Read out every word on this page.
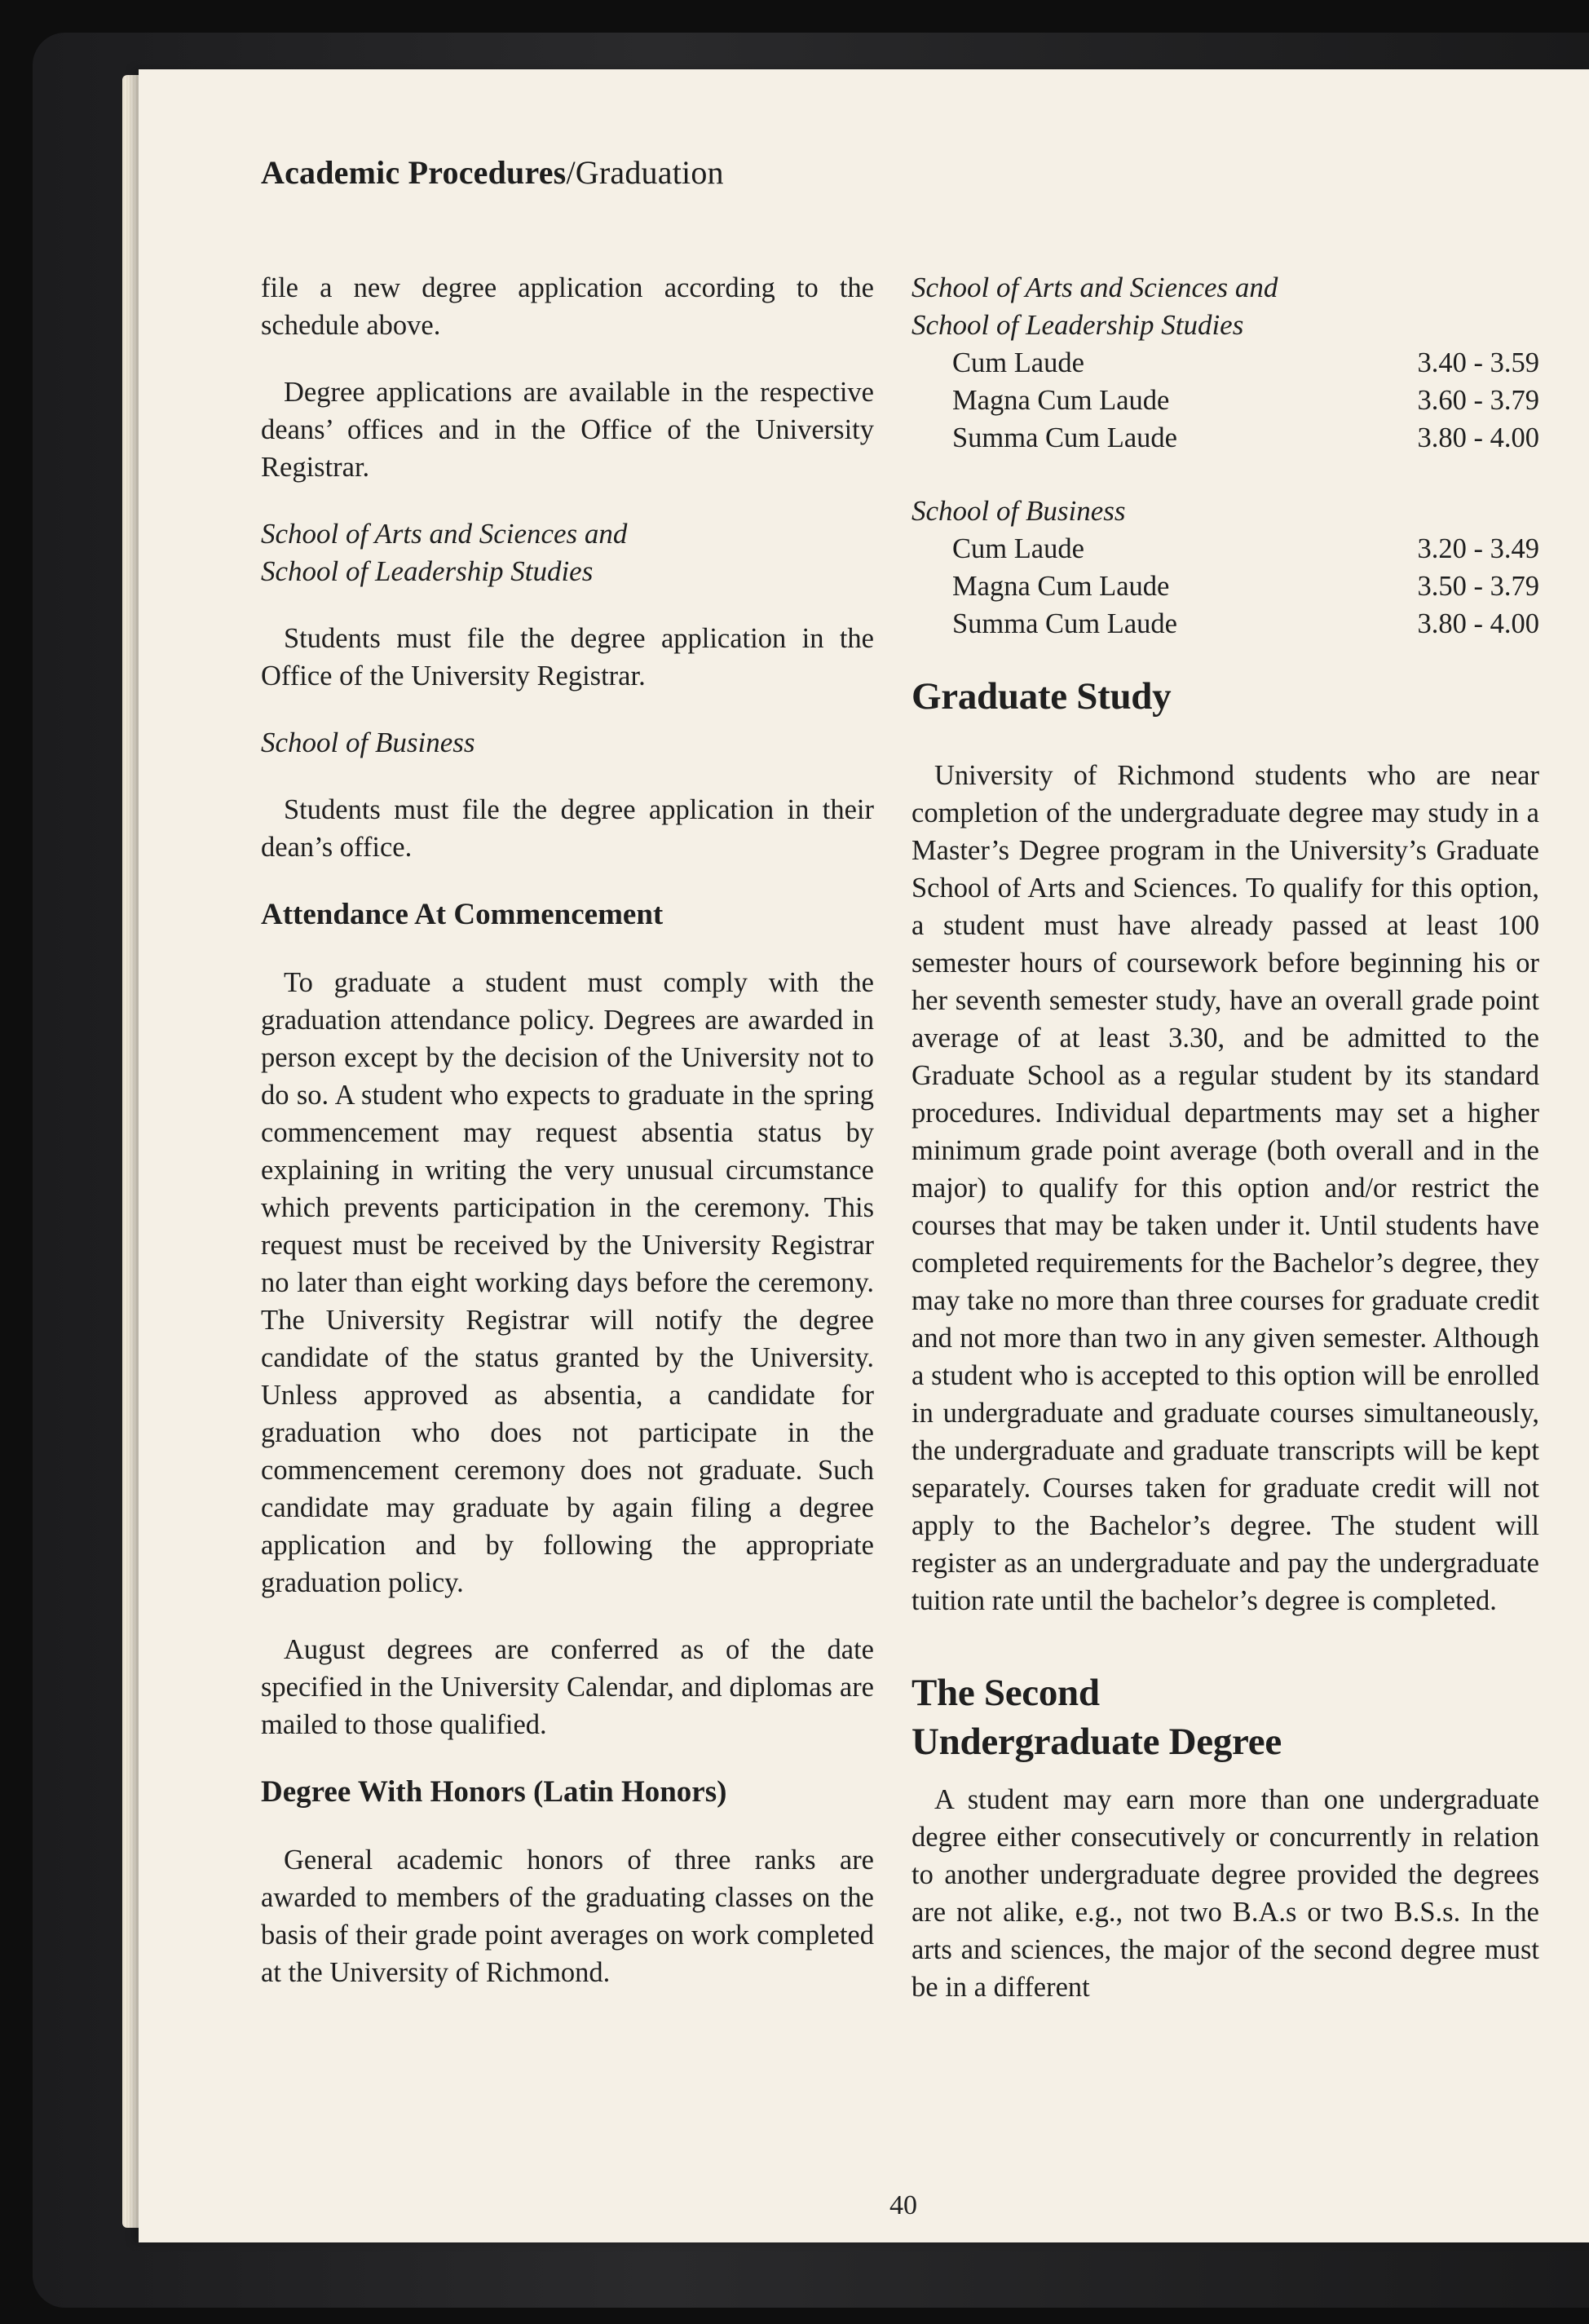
Academic Procedures/Graduation

file a new degree application according to the schedule above.

Degree applications are available in the respective deans’ offices and in the Office of the University Registrar.

School of Arts and Sciences and

School of Leadership Studies

Students must file the degree application in the Office of the University Registrar.

School of Business

Students must file the degree application in their dean’s office.

Attendance At Commencement

To graduate a student must comply with the graduation attendance policy. Degrees are awarded in person except by the decision of the University not to do so. A student who expects to graduate in the spring commencement may request absentia status by explaining in writing the very unusual circumstance which prevents participation in the ceremony. This request must be received by the University Registrar no later than eight working days before the ceremony. The University Registrar will notify the degree candidate of the status granted by the University. Unless approved as absentia, a candidate for graduation who does not participate in the commencement ceremony does not graduate. Such candidate may graduate by again filing a degree application and by following the appropriate graduation policy.

August degrees are conferred as of the date specified in the University Calendar, and diplomas are mailed to those qualified.

Degree With Honors (Latin Honors)

General academic honors of three ranks are awarded to members of the graduating classes on the basis of their grade point averages on work completed at the University of Richmond.

School of Arts and Sciences and

School of Leadership Studies

Cum Laude	3.40 - 3.59
Magna Cum Laude	3.60 - 3.79
Summa Cum Laude	3.80 - 4.00

School of Business

Cum Laude	3.20 - 3.49
Magna Cum Laude	3.50 - 3.79
Summa Cum Laude	3.80 - 4.00
Graduate Study

University of Richmond students who are near completion of the undergraduate degree may study in a Master’s Degree program in the University’s Graduate School of Arts and Sciences. To qualify for this option, a student must have already passed at least 100 semester hours of coursework before beginning his or her seventh semester study, have an overall grade point average of at least 3.30, and be admitted to the Graduate School as a regular student by its standard procedures. Individual departments may set a higher minimum grade point average (both overall and in the major) to qualify for this option and/or restrict the courses that may be taken under it. Until students have completed requirements for the Bachelor’s degree, they may take no more than three courses for graduate credit and not more than two in any given semester. Although a student who is accepted to this option will be enrolled in undergraduate and graduate courses simultaneously, the undergraduate and graduate transcripts will be kept separately. Courses taken for graduate credit will not apply to the Bachelor’s degree. The student will register as an undergraduate and pay the undergraduate tuition rate until the bachelor’s degree is completed.

The Second
Undergraduate Degree

A student may earn more than one undergraduate degree either consecutively or concurrently in relation to another undergraduate degree provided the degrees are not alike, e.g., not two B.A.s or two B.S.s. In the arts and sciences, the major of the second degree must be in a different

40
